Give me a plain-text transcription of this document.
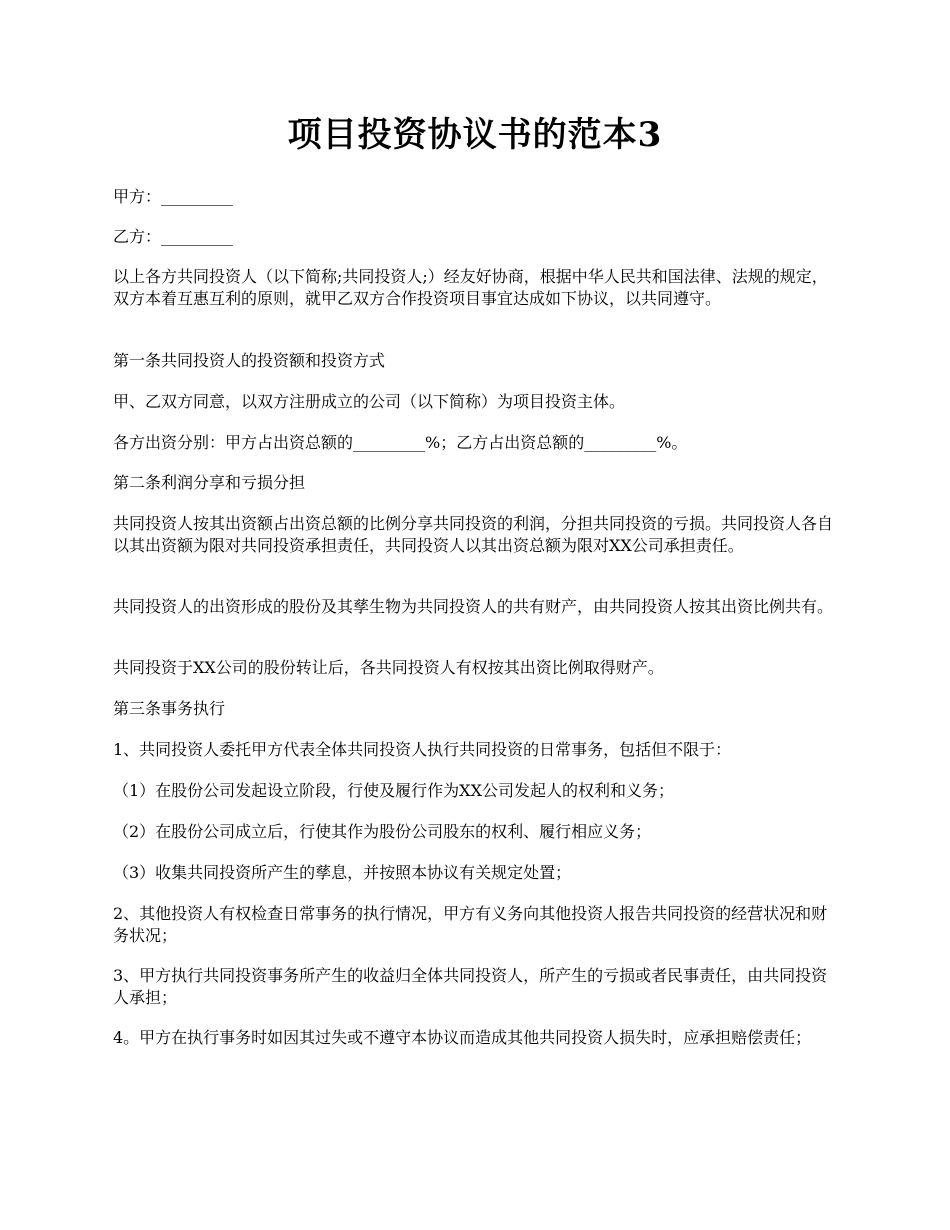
项目投资协议书的范本3

甲方：_________

乙方：_________

以上各方共同投资人（以下简称;共同投资人;）经友好协商，根据中华人民共和国法律、法规的规定，双方本着互惠互利的原则，就甲乙双方合作投资项目事宜达成如下协议，以共同遵守。

第一条共同投资人的投资额和投资方式

甲、乙双方同意，以双方注册成立的公司（以下简称）为项目投资主体。

各方出资分别：甲方占出资总额的_________%；乙方占出资总额的_________%。

第二条利润分享和亏损分担

共同投资人按其出资额占出资总额的比例分享共同投资的利润，分担共同投资的亏损。共同投资人各自以其出资额为限对共同投资承担责任，共同投资人以其出资总额为限对XX公司承担责任。

共同投资人的出资形成的股份及其孳生物为共同投资人的共有财产，由共同投资人按其出资比例共有。

共同投资于XX公司的股份转让后，各共同投资人有权按其出资比例取得财产。

第三条事务执行

1、共同投资人委托甲方代表全体共同投资人执行共同投资的日常事务，包括但不限于：

（1）在股份公司发起设立阶段，行使及履行作为XX公司发起人的权利和义务；

（2）在股份公司成立后，行使其作为股份公司股东的权利、履行相应义务；

（3）收集共同投资所产生的孳息，并按照本协议有关规定处置；

2、其他投资人有权检查日常事务的执行情况，甲方有义务向其他投资人报告共同投资的经营状况和财务状况；

3、甲方执行共同投资事务所产生的收益归全体共同投资人，所产生的亏损或者民事责任，由共同投资人承担；

4。甲方在执行事务时如因其过失或不遵守本协议而造成其他共同投资人损失时，应承担赔偿责任；
